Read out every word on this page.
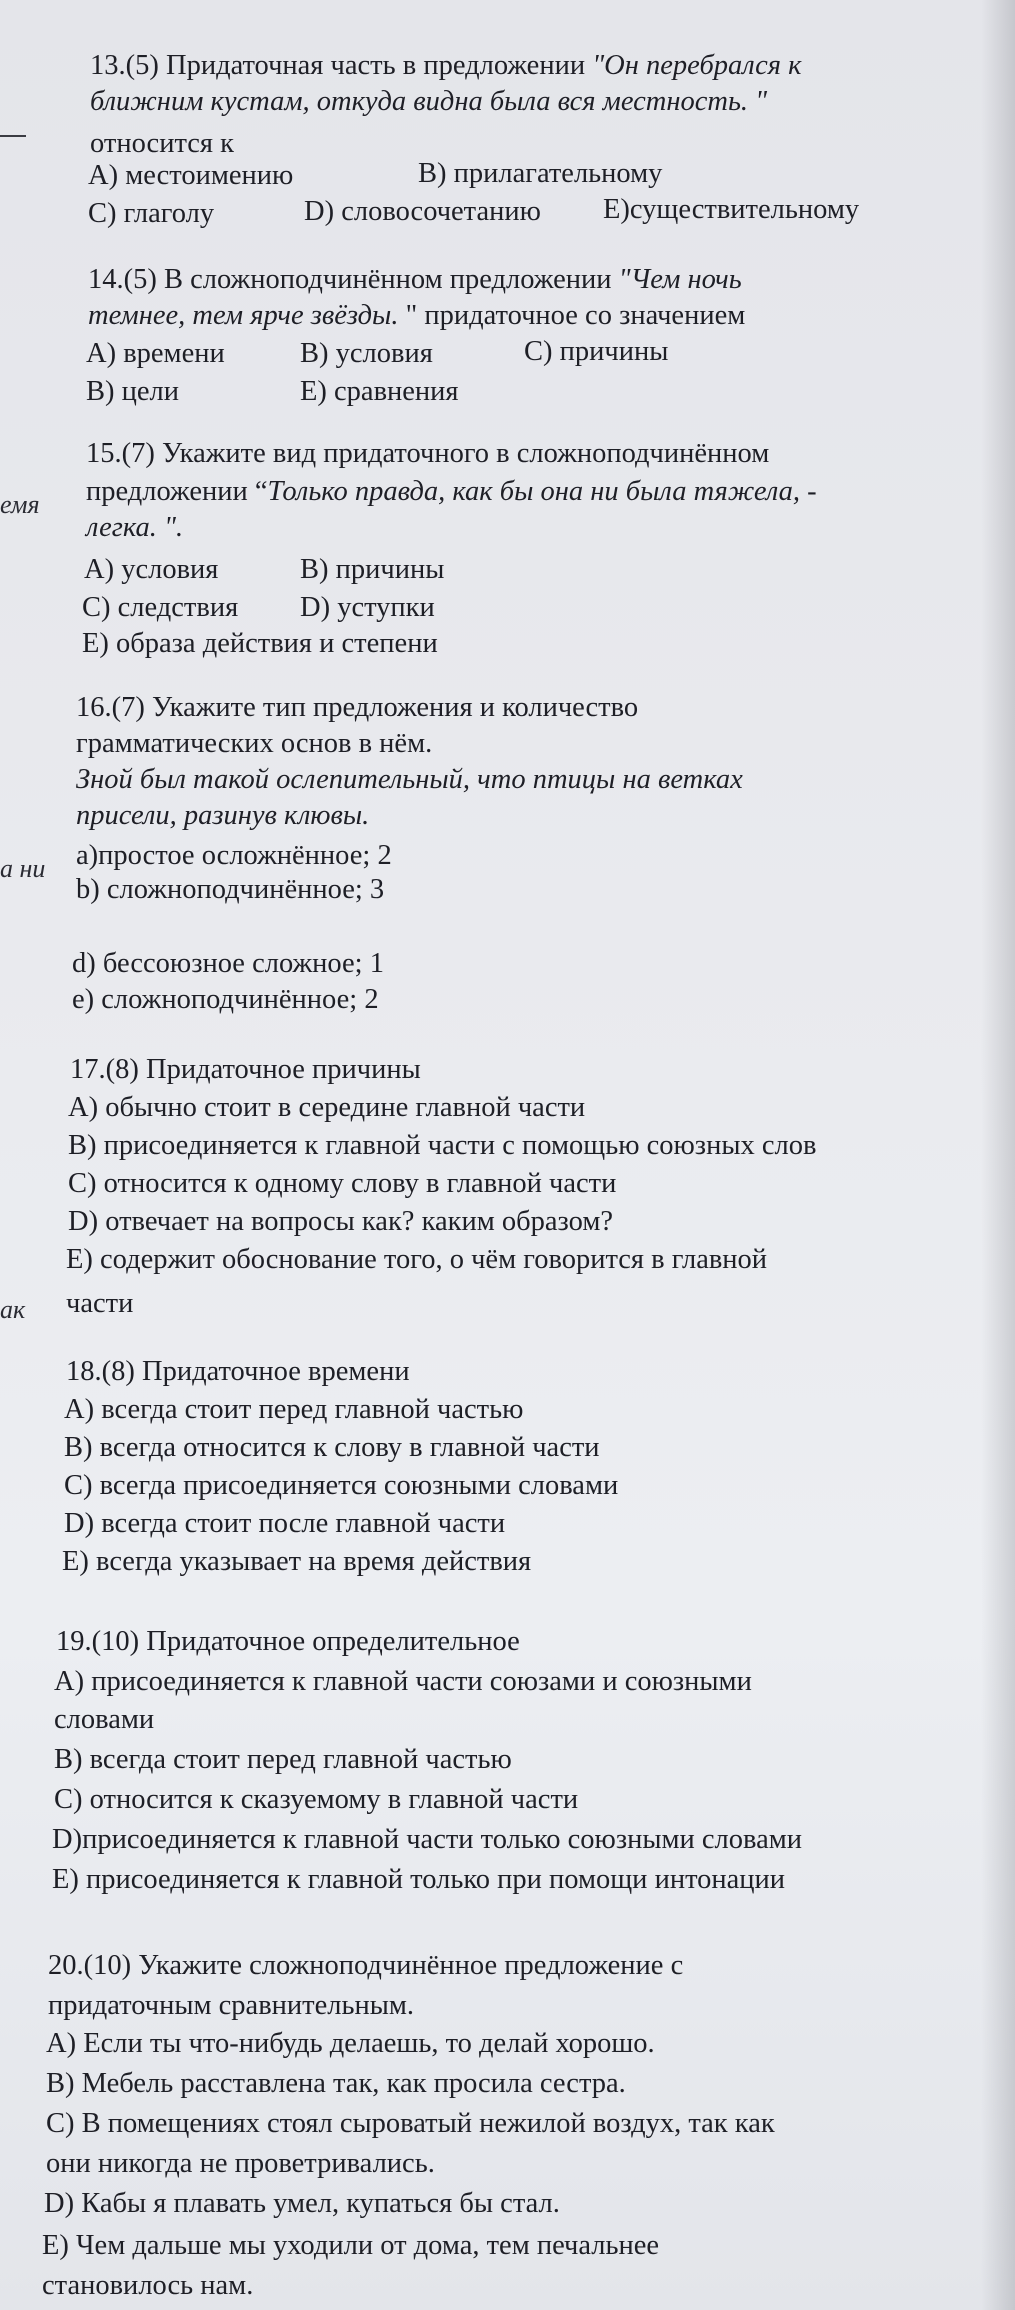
емя
а ни
ак
13.(5) Придаточная часть в предложении "Он перебрался к
ближним кустам, откуда видна была вся местность. "
относится к
А) местоимению	В) прилагательному
С) глаголу	D) словосочетанию Е)существительному
14.(5) В сложноподчинённом предложении "Чем ночь
темнее, тем ярче звёзды. " придаточное со значением
А) времени	В) условия	С) причины
В) цели	Е) сравнения
15.(7) Укажите вид придаточного в сложноподчинённом
предложении “Только правда, как бы она ни была тяжела, -
легка. ".
А) условия	В) причины
С) следствия D) уступки
Е) образа действия и степени
16.(7) Укажите тип предложения и количество
грамматических основ в нём.
Зной был такой ослепительный, что птицы на ветках
присели, разинув клювы.
а)простое осложнённое; 2
b) сложноподчинённое; 3
d) бессоюзное сложное; 1
е) сложноподчинённое; 2
17.(8) Придаточное причины
А) обычно стоит в середине главной части
В) присоединяется к главной части с помощью союзных слов
С) относится к одному слову в главной части
D) отвечает на вопросы как? каким образом?
Е) содержит обоснование того, о чём говорится в главной
части
18.(8) Придаточное времени
А) всегда стоит перед главной частью
В) всегда относится к слову в главной части
С) всегда присоединяется союзными словами
D) всегда стоит после главной части
Е) всегда указывает на время действия
19.(10) Придаточное определительное
А) присоединяется к главной части союзами и союзными
словами
В) всегда стоит перед главной частью
С) относится к сказуемому в главной части
D)присоединяется к главной части только союзными словами
Е) присоединяется к главной только при помощи интонации
20.(10) Укажите сложноподчинённое предложение с
придаточным сравнительным.
А) Если ты что-нибудь делаешь, то делай хорошо.
В) Мебель расставлена так, как просила сестра.
С) В помещениях стоял сыроватый нежилой воздух, так как
они никогда не проветривались.
D) Кабы я плавать умел, купаться бы стал.
Е) Чем дальше мы уходили от дома, тем печальнее
становилось нам.
